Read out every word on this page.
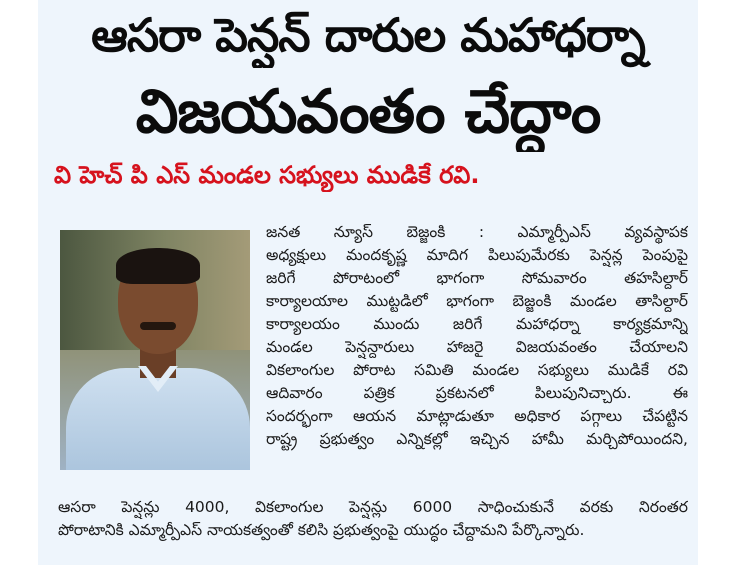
ఆసరా పెన్షన్ దారుల మహాధర్నా
విజయవంతం చేద్దాం
వి హెచ్ పి ఎస్ మండల సభ్యులు ముడికే రవి.
జనత న్యూస్ బెజ్జంకి : ఎమ్మార్పీఎస్ వ్యవస్థాపక
అధ్యక్షులు మందకృష్ణ మాదిగ పిలుపుమేరకు పెన్షన్ల పెంపుపై
జరిగే పోరాటంలో భాగంగా సోమవారం తహసిల్దార్
కార్యాలయాల ముట్టడిలో భాగంగా బెజ్జంకి మండల తాసిల్దార్
కార్యాలయం ముందు జరిగే మహాధర్నా కార్యక్రమాన్ని
మండల పెన్షన్దారులు హాజరై విజయవంతం చేయాలని
వికలాంగుల పోరాట సమితి మండల సభ్యులు ముడికే రవి
ఆదివారం పత్రిక ప్రకటనలో పిలుపునిచ్చారు. ఈ
సందర్భంగా ఆయన మాట్లాడుతూ అధికార పగ్గాలు చేపట్టిన
రాష్ట్ర ప్రభుత్వం ఎన్నికల్లో ఇచ్చిన హామీ మర్చిపోయిందని,
ఆసరా పెన్షన్లు 4000, వికలాంగుల పెన్షన్లు 6000 సాధించుకునే వరకు నిరంతర
పోరాటానికి ఎమ్మార్పీఎస్ నాయకత్వంతో కలిసి ప్రభుత్వంపై యుద్ధం చేద్దామని పేర్కొన్నారు.
